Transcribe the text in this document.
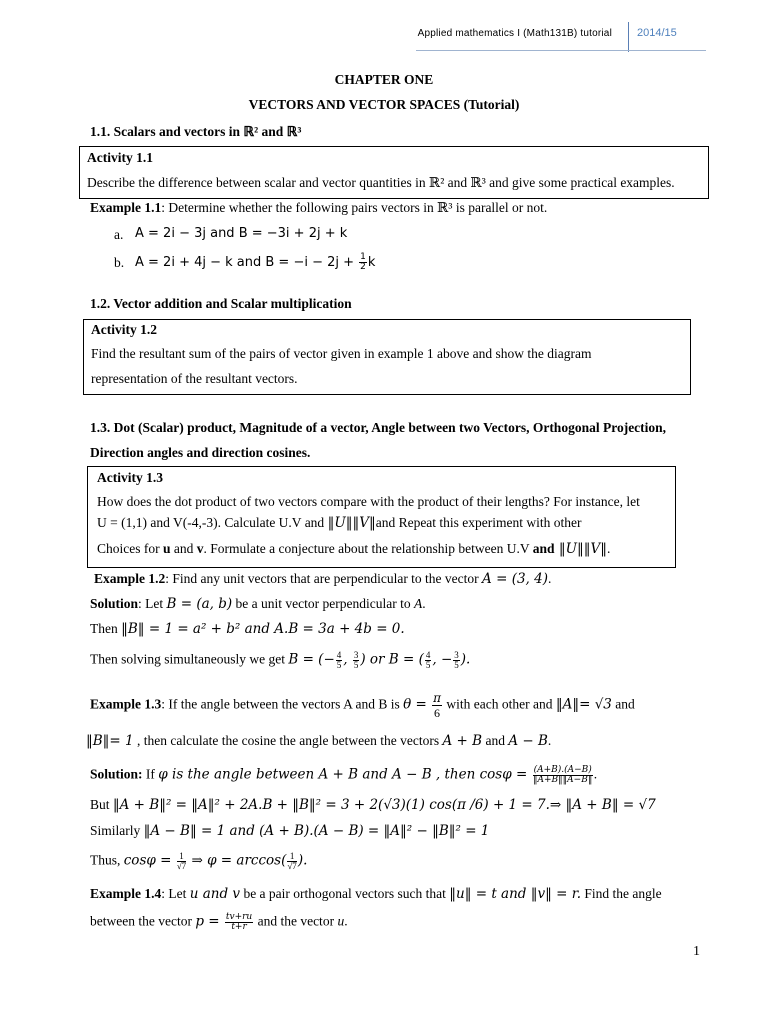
Applied mathematics I (Math131B) tutorial 2014/15
CHAPTER ONE
VECTORS AND VECTOR SPACES (Tutorial)
1.1. Scalars and vectors in ℝ² and ℝ³
Activity 1.1
Describe the difference between scalar and vector quantities in ℝ² and ℝ³ and give some practical examples.
Example 1.1: Determine whether the following pairs vectors in ℝ³ is parallel or not.
a. A = 2i − 3j and B = −3i + 2j + k
b. A = 2i + 4j − k and $B = -i - 2j + \frac{1}{2}$ k
1.2. Vector addition and Scalar multiplication
Activity 1.2
Find the resultant sum of the pairs of vector given in example 1 above and show the diagram
representation of the resultant vectors.
1.3. Dot (Scalar) product, Magnitude of a vector, Angle between two Vectors, Orthogonal Projection,
Direction angles and direction cosines.
Activity 1.3
How does the dot product of two vectors compare with the product of their lengths? For instance, let
U = (1,1) and V(-4,-3). Calculate U.V and ‖U‖‖V‖and Repeat this experiment with other
Choices for u and v. Formulate a conjecture about the relationship between U.V and ‖U‖‖V‖.
Example 1.2: Find any unit vectors that are perpendicular to the vector A = (3, 4).
Solution: Let B = (a, b) be a unit vector perpendicular to A.
Then ‖B‖ = 1 = a² + b² and A.B = 3a + 4b = 0.
Then solving simultaneously we get B = (− $\frac{4}{5}$ , $\frac{3}{5}$ ) or B = ( $\frac{4}{5}$ , − $\frac{3}{5}$ ).
Example 1.3: If the angle between the vectors A and B is $\theta = \frac{\pi}{6}$ with each other and ‖A‖= √3 and
‖B‖= 1 , then calculate the cosine the angle between the vectors A + B and A − B.
Solution: If φ is the angle between A + B and A − B , then $\cos\varphi = \frac{(A+B).(A-B)}{‖A+B‖‖A-B‖}$ .
But ‖A + B‖² = ‖A‖² + 2A.B + ‖B‖² = 3 + 2(√3)(1) cos(π /6) + 1 = 7.⇒ ‖A + B‖ = √7
Similarly ‖A − B‖ = 1 and (A + B).(A − B) = ‖A‖² − ‖B‖² = 1
Thus, $\cos\varphi = \frac{1}{√7}$ ⇒ $\varphi = \arccos( \frac{1}{√7}$ ).
Example 1.4: Let u and v be a pair orthogonal vectors such that ‖u‖ = t and ‖v‖ = r. Find the angle
between the vector $p = \frac{tv+ru}{t+r}$ and the vector u.
1
